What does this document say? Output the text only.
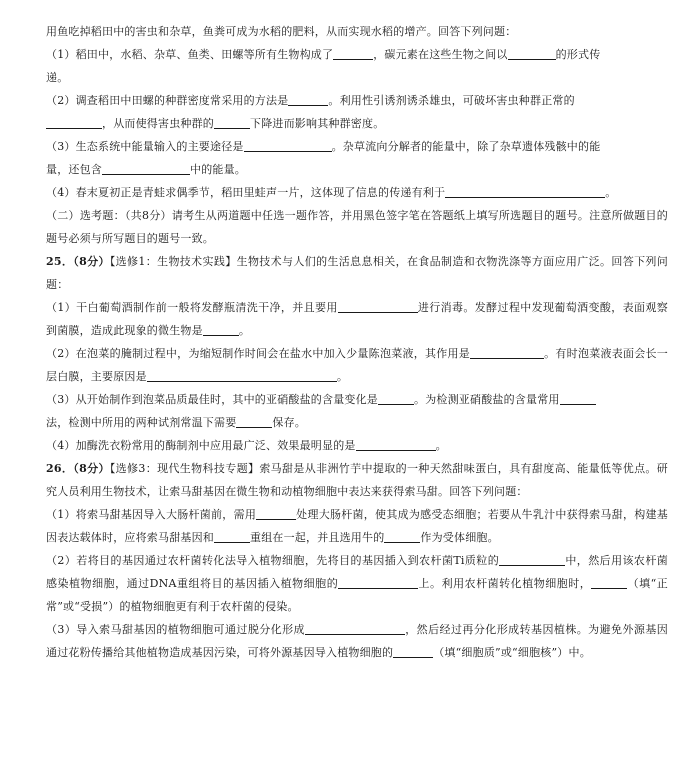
用鱼吃掉稻田中的害虫和杂草，鱼粪可成为水稻的肥料，从而实现水稻的增产。回答下列问题：

（1）稻田中，水稻、杂草、鱼类、田螺等所有生物构成了	，碳元素在这些生物之间以	的形式传
递。

（2）调查稻田中田螺的种群密度常采用的方法是	。利用性引诱剂诱杀雄虫，可破坏害虫种群正常的
，从而使得害虫种群的	下降进而影响其种群密度。

（3）生态系统中能量输入的主要途径是	。杂草流向分解者的能量中，除了杂草遗体残骸中的能
量，还包含	中的能量。

（4）春末夏初正是青蛙求偶季节，稻田里蛙声一片，这体现了信息的传递有利于	。

（二）选考题：（共8分）请考生从两道题中任选一题作答，并用黑色签字笔在答题纸上填写所选题目的题号。注意所做题目的题号必须与所写题目的题号一致。

25．（8分）【选修1：生物技术实践】生物技术与人们的生活息息相关，在食品制造和衣物洗涤等方面应用广泛。回答下列问题：

（1）干白葡萄酒制作前一般将发酵瓶清洗干净，并且要用	进行消毒。发酵过程中发现葡萄酒变酸，表面观察到菌膜，造成此现象的微生物是	。

（2）在泡菜的腌制过程中，为缩短制作时间会在盐水中加入少量陈泡菜液，其作用是	。有时泡菜液表面会长一层白膜，主要原因是	。

（3）从开始制作到泡菜品质最佳时，其中的亚硝酸盐的含量变化是	。为检测亚硝酸盐的含量常用
法，检测中所用的两种试剂常温下需要	保存。

（4）加酶洗衣粉常用的酶制剂中应用最广泛、效果最明显的是	。

26．（8分）【选修3：现代生物科技专题】索马甜是从非洲竹芋中提取的一种天然甜味蛋白，具有甜度高、能量低等优点。研究人员利用生物技术，让索马甜基因在微生物和动植物细胞中表达来获得索马甜。回答下列问题：

（1）将索马甜基因导入大肠杆菌前，需用	处理大肠杆菌，使其成为感受态细胞；若要从牛乳汁中获得索马甜，构建基因表达载体时，应将索马甜基因和	重组在一起，并且选用牛的	作为受体细胞。

（2）若将目的基因通过农杆菌转化法导入植物细胞，先将目的基因插入到农杆菌Ti质粒的	中，然后用该农杆菌感染植物细胞，通过DNA重组将目的基因插入植物细胞的	上。利用农杆菌转化植物细胞时，	（填“正常”或“受损”）的植物细胞更有利于农杆菌的侵染。

（3）导入索马甜基因的植物细胞可通过脱分化形成	，然后经过再分化形成转基因植株。为避免外源基因通过花粉传播给其他植物造成基因污染，可将外源基因导入植物细胞的	（填“细胞质”或“细胞核”）中。
